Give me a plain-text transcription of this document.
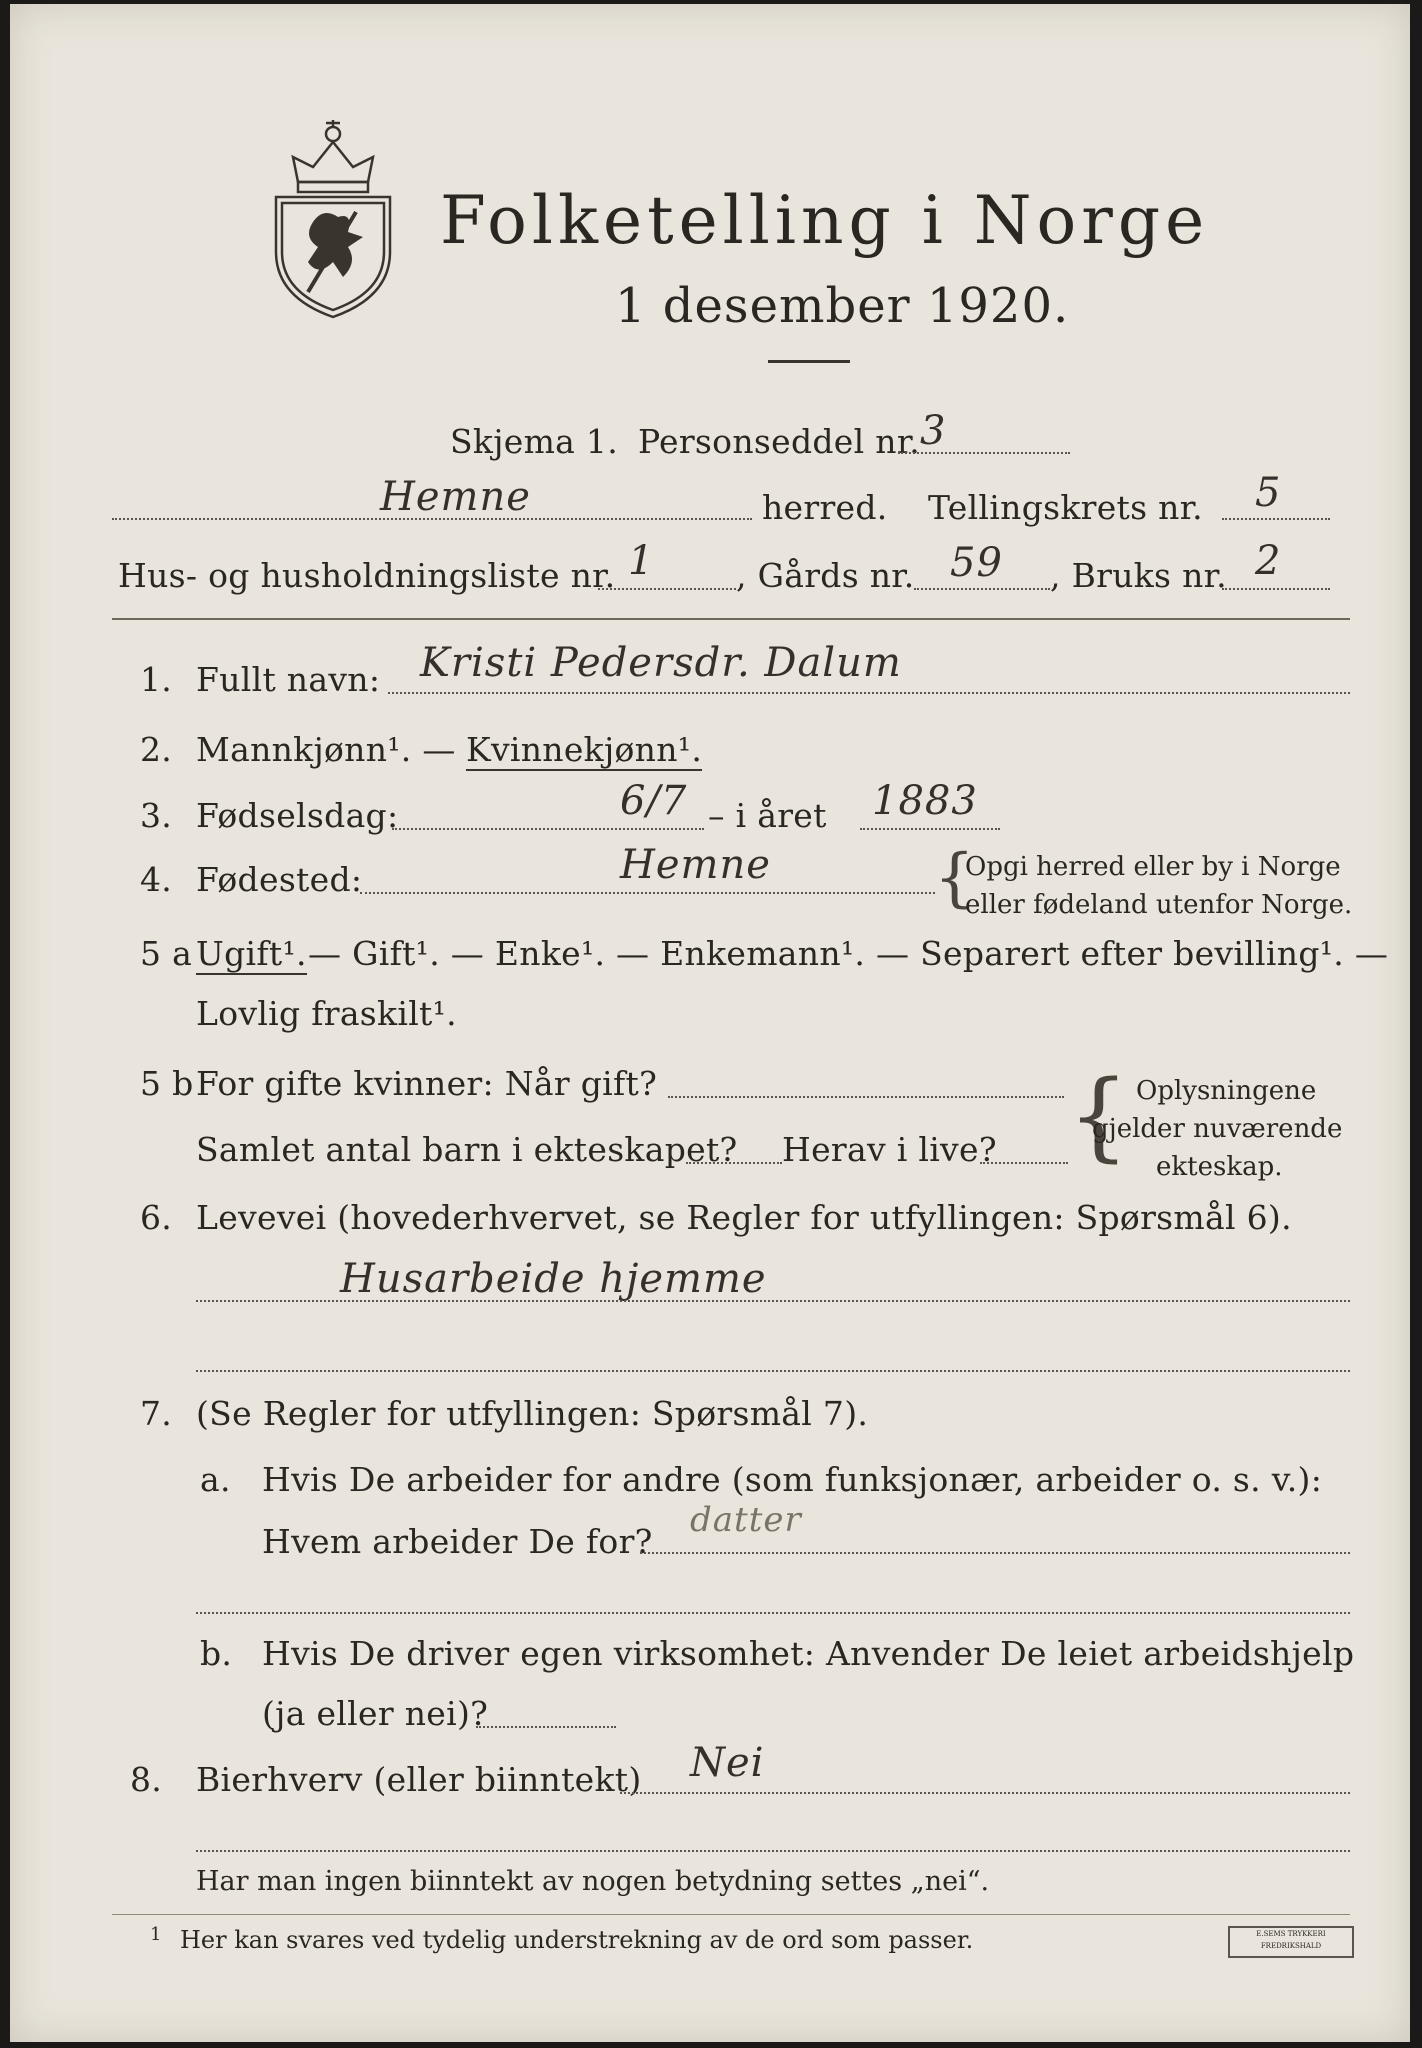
Folketelling i Norge
1 desember 1920.
Skjema 1. Personseddel nr. 3
Hemne	herred. Tellingskrets nr. 5
Hus- og husholdningsliste nr. 1 , Gårds nr. 59 , Bruks nr. 2
1. Fullt navn: Kristi Pedersdr. Dalum
2. Mannkjønn¹. — Kvinnekjønn¹.
3. Fødselsdag:	6/7 – i året 1883
4. Fødested:	Hemne	{
Opgi herred eller by i Norge
eller fødeland utenfor Norge.
5 a Ugift¹. — Gift¹. — Enke¹. — Enkemann¹. — Separert efter bevilling¹. —
Lovlig fraskilt¹.
5 b For gifte kvinner: Når gift?
Samlet antal barn i ekteskapet? Herav i live? { Oplysningene
gjelder nuværende
ekteskap.
6. Levevei (hovederhvervet, se Regler for utfyllingen: Spørsmål 6).
Husarbeide hjemme
7. (Se Regler for utfyllingen: Spørsmål 7).
a. Hvis De arbeider for andre (som funksjonær, arbeider o. s. v.):
Hvem arbeider De for?
datter
b. Hvis De driver egen virksomhet: Anvender De leiet arbeidshjelp
(ja eller nei)?
8. Bierhverv (eller biinntekt) Nei
Har man ingen biinntekt av nogen betydning settes „nei“.
1 Her kan svares ved tydelig understrekning av de ord som passer.	E.SEMS TRYKKERI FREDRIKSHALD
